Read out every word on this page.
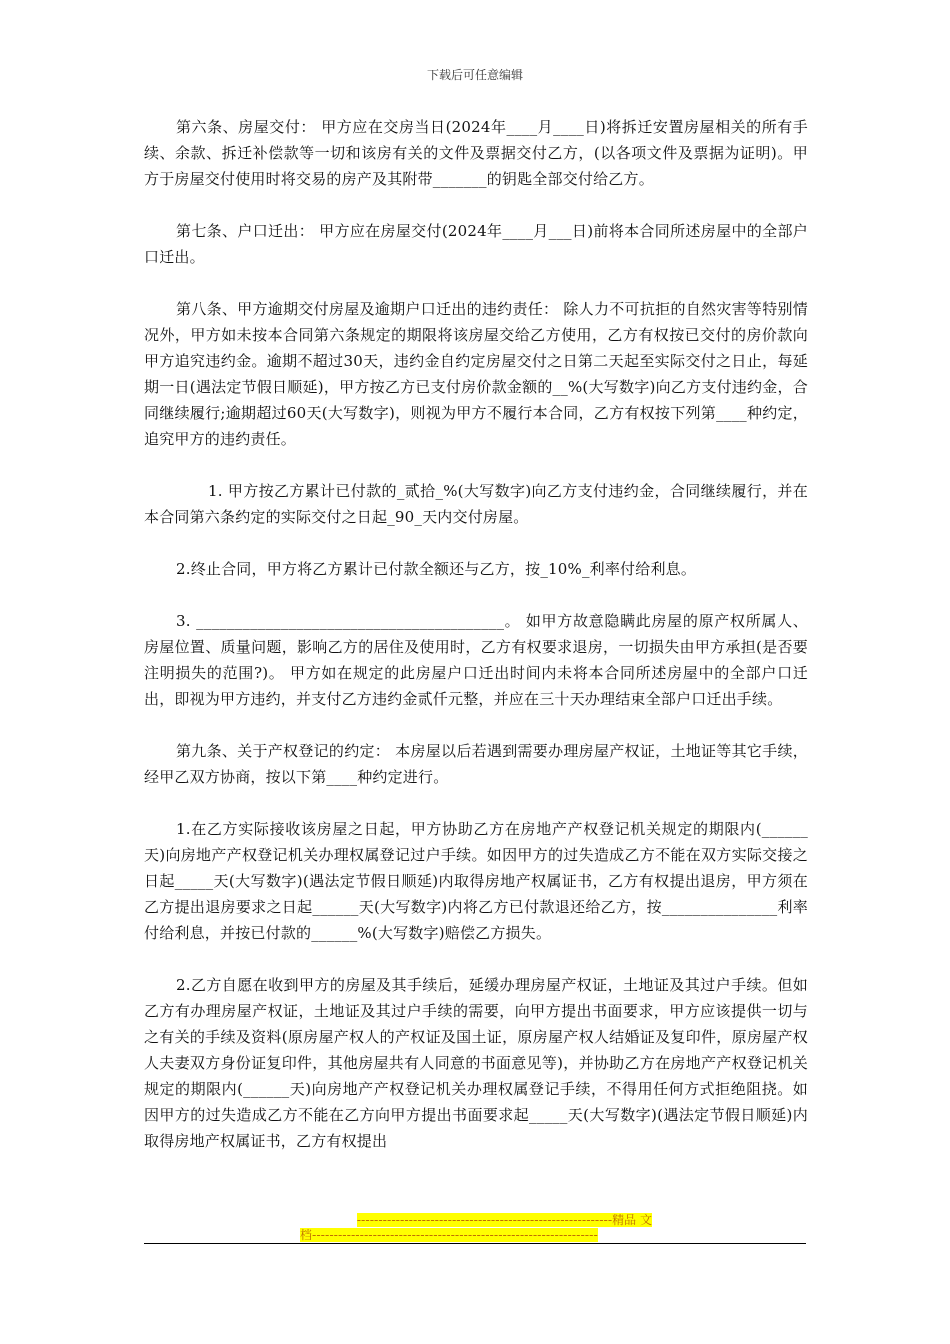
下载后可任意编辑

第六条、房屋交付： 甲方应在交房当日(2024年____月____日)将拆迁安置房屋相关的所有手续、余款、拆迁补偿款等一切和该房有关的文件及票据交付乙方，(以各项文件及票据为证明)。甲方于房屋交付使用时将交易的房产及其附带_______的钥匙全部交付给乙方。

第七条、户口迁出： 甲方应在房屋交付(2024年____月___日)前将本合同所述房屋中的全部户口迁出。

第八条、甲方逾期交付房屋及逾期户口迁出的违约责任： 除人力不可抗拒的自然灾害等特别情况外，甲方如未按本合同第六条规定的期限将该房屋交给乙方使用，乙方有权按已交付的房价款向甲方追究违约金。逾期不超过30天，违约金自约定房屋交付之日第二天起至实际交付之日止，每延期一日(遇法定节假日顺延)，甲方按乙方已支付房价款金额的__%(大写数字)向乙方支付违约金，合同继续履行;逾期超过60天(大写数字)，则视为甲方不履行本合同，乙方有权按下列第____种约定，追究甲方的违约责任。

1. 甲方按乙方累计已付款的_贰拾_%(大写数字)向乙方支付违约金，合同继续履行，并在本合同第六条约定的实际交付之日起_90_天内交付房屋。

2.终止合同，甲方将乙方累计已付款全额还与乙方，按_10%_利率付给利息。

3. ________________________________________。 如甲方故意隐瞒此房屋的原产权所属人、房屋位置、质量问题，影响乙方的居住及使用时，乙方有权要求退房，一切损失由甲方承担(是否要注明损失的范围?)。 甲方如在规定的此房屋户口迁出时间内未将本合同所述房屋中的全部户口迁出，即视为甲方违约，并支付乙方违约金贰仟元整，并应在三十天办理结束全部户口迁出手续。

第九条、关于产权登记的约定： 本房屋以后若遇到需要办理房屋产权证，土地证等其它手续，经甲乙双方协商，按以下第____种约定进行。

1.在乙方实际接收该房屋之日起，甲方协助乙方在房地产产权登记机关规定的期限内(______天)向房地产产权登记机关办理权属登记过户手续。如因甲方的过失造成乙方不能在双方实际交接之日起_____天(大写数字)(遇法定节假日顺延)内取得房地产权属证书，乙方有权提出退房，甲方须在乙方提出退房要求之日起______天(大写数字)内将乙方已付款退还给乙方，按_______________利率付给利息，并按已付款的______%(大写数字)赔偿乙方损失。

2.乙方自愿在收到甲方的房屋及其手续后，延缓办理房屋产权证，土地证及其过户手续。但如乙方有办理房屋产权证，土地证及其过户手续的需要，向甲方提出书面要求，甲方应该提供一切与之有关的手续及资料(原房屋产权人的产权证及国土证，原房屋产权人结婚证及复印件，原房屋产权人夫妻双方身份证复印件，其他房屋共有人同意的书面意见等)，并协助乙方在房地产产权登记机关规定的期限内(______天)向房地产产权登记机关办理权属登记手续，不得用任何方式拒绝阻挠。如因甲方的过失造成乙方不能在乙方向甲方提出书面要求起_____天(大写数字)(遇法定节假日顺延)内取得房地产权属证书，乙方有权提出

-----------------------------------------------------------精品 文
档------------------------------------------------------------------
